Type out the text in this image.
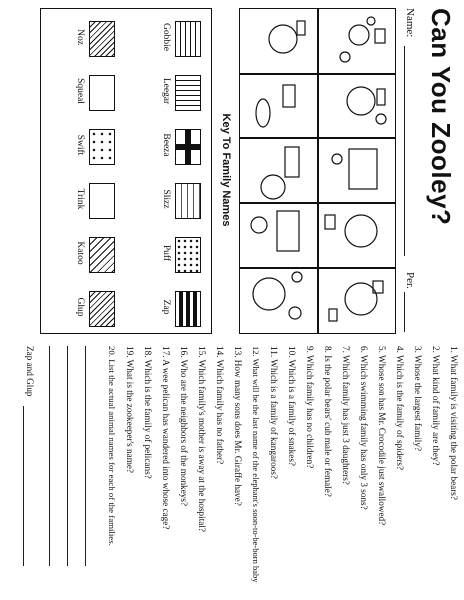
Can You Zooley?
Name:
Per.
Key To Family Names
Gobbie
Leegar
Beeza
Slizz
Puff
Zap
Noz
Squeal
Swift
Trink
Katoo
Glup
1. What family is visiting the polar bears?
2. What kind of family are they?
3. Whose the largest family?
4. Which is the family of spiders?
5. Whose son has Mr. Crocodile just swallowed?
6. Which swimming family has only 3 sons?
7. Which family has just 3 daughters?
8. Is the polar bears' cub male or female?
9. Which family has no children?
10. Which is a family of snakes?
11. Which is a family of kangaroos?
12. What will be the last name of the elephant's soon-to-be-born baby
13. How many sons does Mr. Giraffe have?
14. Which family has no father?
15. Which family's mother is away at the hospital?
16. Who are the neighbors of the monkeys?
17. A wee pelican has wandered into whose cage?
18. Which is the family of pelicans?
19. What is the zookeeper's name?
20. List the actual animal names for each of the families.
Zap and Glup
